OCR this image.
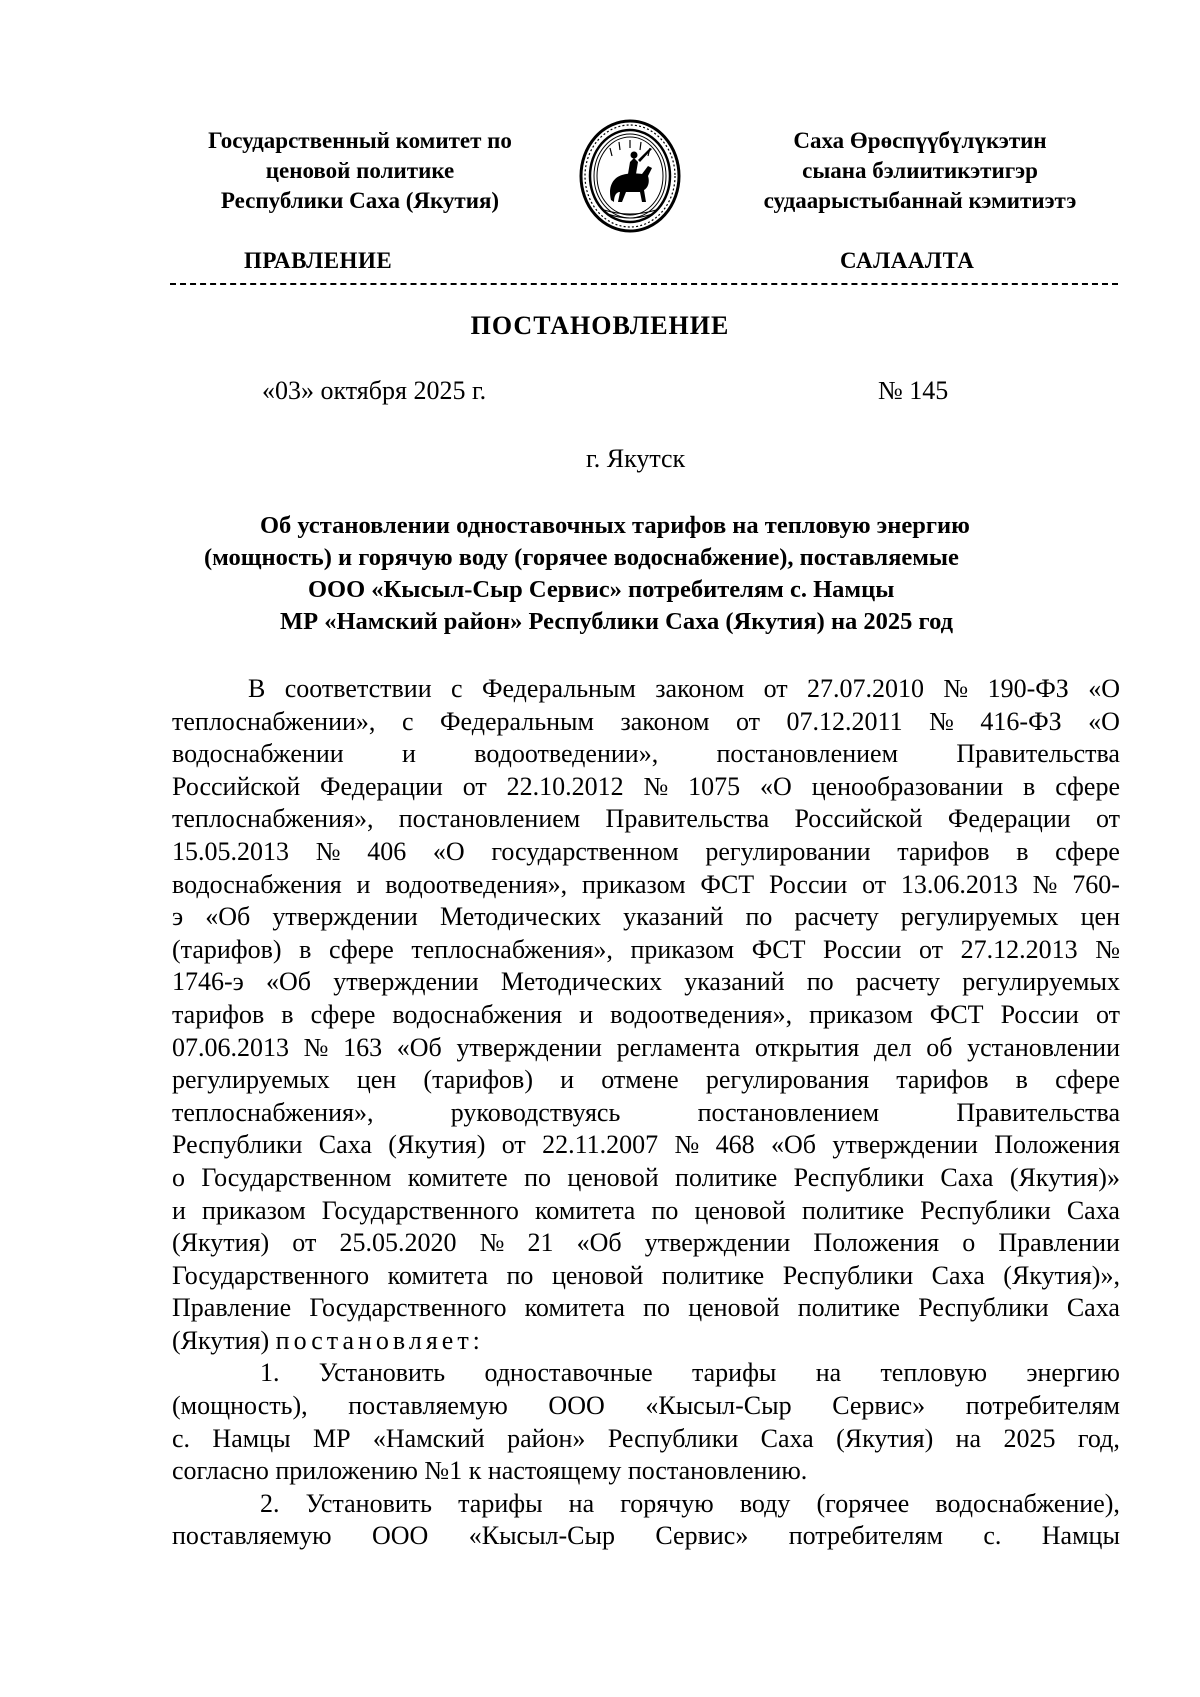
Государственный комитет по
ценовой политике
Республики Саха (Якутия)
Саха Өрөспүүбүлүкэтин
сыана бэлиитикэтигэр
судаарыстыбаннай кэмитиэтэ
ПРАВЛЕНИЕ	САЛААЛТА
ПОСТАНОВЛЕНИЕ
«03» октября 2025 г.	№ 145
г. Якутск
Об установлении одноставочных тарифов на тепловую энергию
(мощность) и горячую воду (горячее водоснабжение), поставляемые
ООО «Кысыл-Сыр Сервис» потребителям с. Намцы
МР «Намский район» Республики Саха (Якутия) на 2025 год
В соответствии с Федеральным законом от 27.07.2010 № 190-ФЗ «О
теплоснабжении», с Федеральным законом от 07.12.2011 № 416-ФЗ «О
водоснабжении и водоотведении», постановлением Правительства
Российской Федерации от 22.10.2012 № 1075 «О ценообразовании в сфере
теплоснабжения», постановлением Правительства Российской Федерации от
15.05.2013 № 406 «О государственном регулировании тарифов в сфере
водоснабжения и водоотведения», приказом ФСТ России от 13.06.2013 № 760-
э «Об утверждении Методических указаний по расчету регулируемых цен
(тарифов) в сфере теплоснабжения», приказом ФСТ России от 27.12.2013 №
1746-э «Об утверждении Методических указаний по расчету регулируемых
тарифов в сфере водоснабжения и водоотведения», приказом ФСТ России от
07.06.2013 № 163 «Об утверждении регламента открытия дел об установлении
регулируемых цен (тарифов) и отмене регулирования тарифов в сфере
теплоснабжения»,	руководствуясь	постановлением	Правительства
Республики Саха (Якутия) от 22.11.2007 № 468 «Об утверждении Положения
о Государственном комитете по ценовой политике Республики Саха (Якутия)»
и приказом Государственного комитета по ценовой политике Республики Саха
(Якутия) от 25.05.2020 № 21 «Об утверждении Положения о Правлении
Государственного комитета по ценовой политике Республики Саха (Якутия)»,
Правление Государственного комитета по ценовой политике Республики Саха
(Якутия)
постановляет:
1. Установить одноставочные тарифы на тепловую энергию
(мощность), поставляемую ООО «Кысыл-Сыр Сервис» потребителям
с. Намцы МР «Намский район» Республики Саха (Якутия) на 2025 год,
согласно приложению №1 к настоящему постановлению.
2. Установить тарифы на горячую воду (горячее водоснабжение),
поставляемую ООО «Кысыл-Сыр Сервис» потребителям с. Намцы
